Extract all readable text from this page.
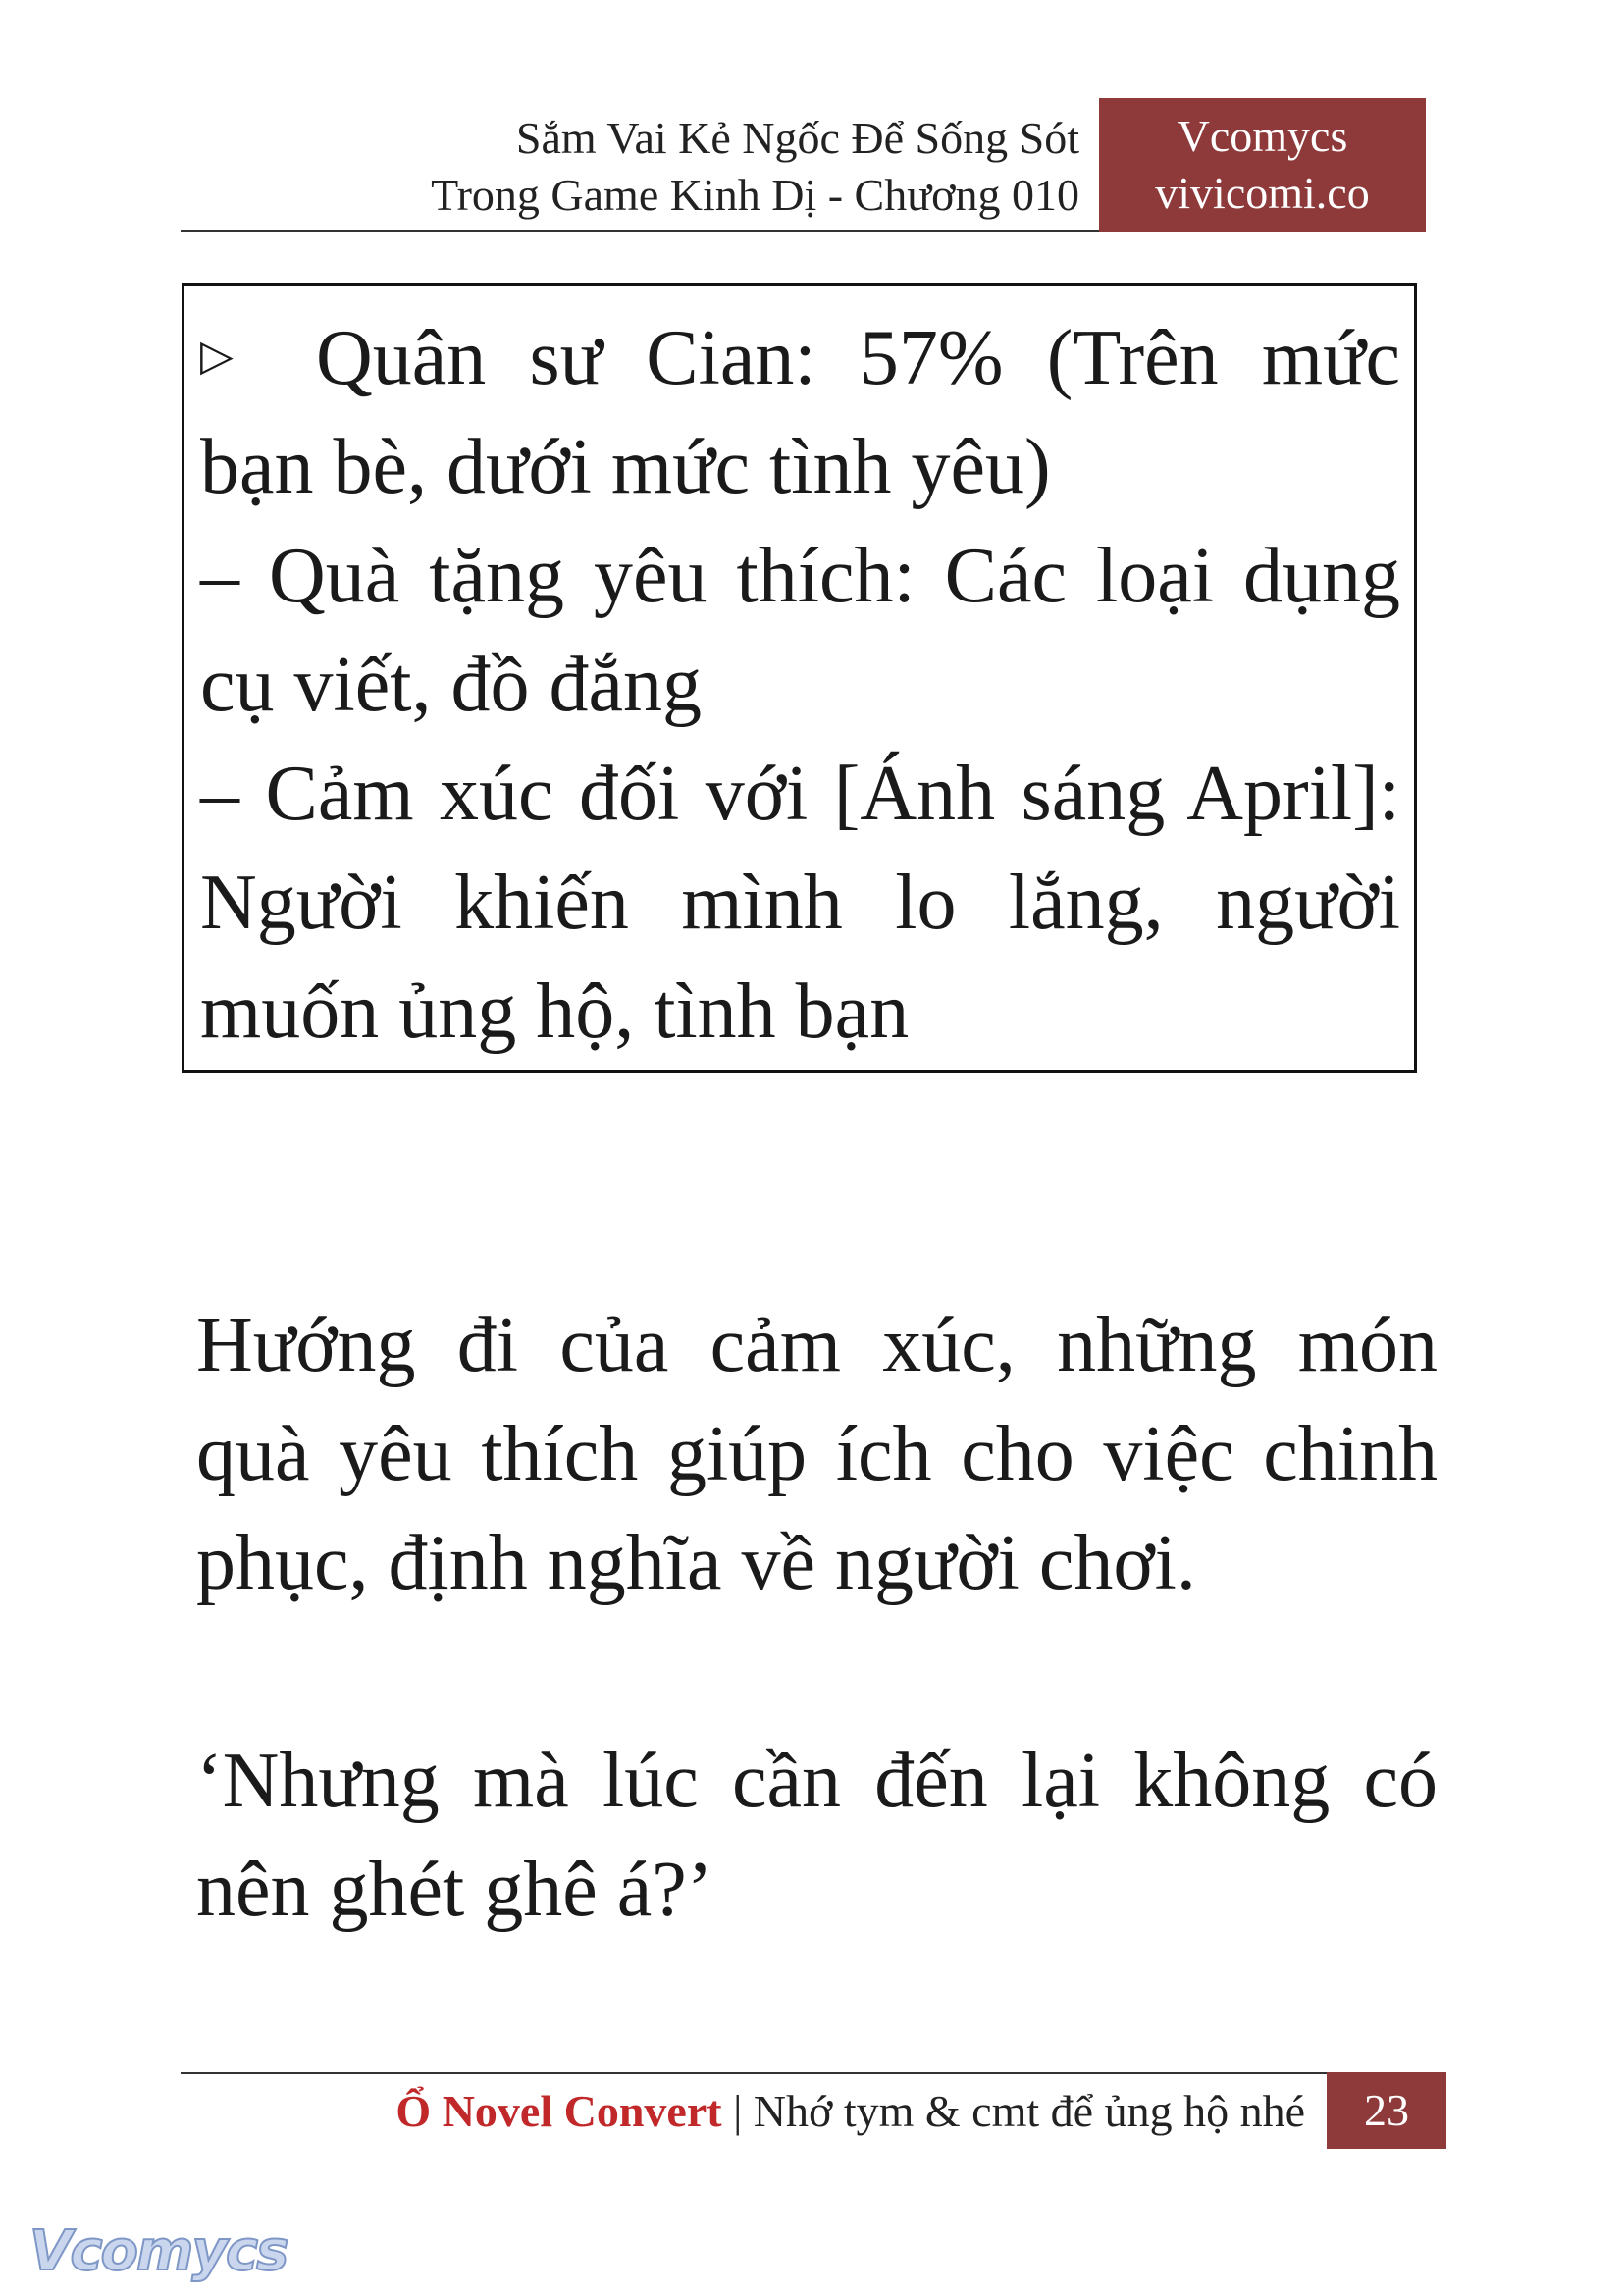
Sắm Vai Kẻ Ngốc Để Sống Sót
Trong Game Kinh Dị - Chương 010
Vcomycs
vivicomi.co

▷ Quân sư Cian: 57% (Trên mức bạn bè, dưới mức tình yêu)

– Quà tặng yêu thích: Các loại dụng cụ viết, đồ đắng

– Cảm xúc đối với [Ánh sáng April]: Người khiến mình lo lắng, người muốn ủng hộ, tình bạn

Hướng đi của cảm xúc, những món quà yêu thích giúp ích cho việc chinh phục, định nghĩa về người chơi.

‘Nhưng mà lúc cần đến lại không có nên ghét ghê á?’

Ổ Novel Convert | Nhớ tym & cmt để ủng hộ nhé	23
Vcomycs
